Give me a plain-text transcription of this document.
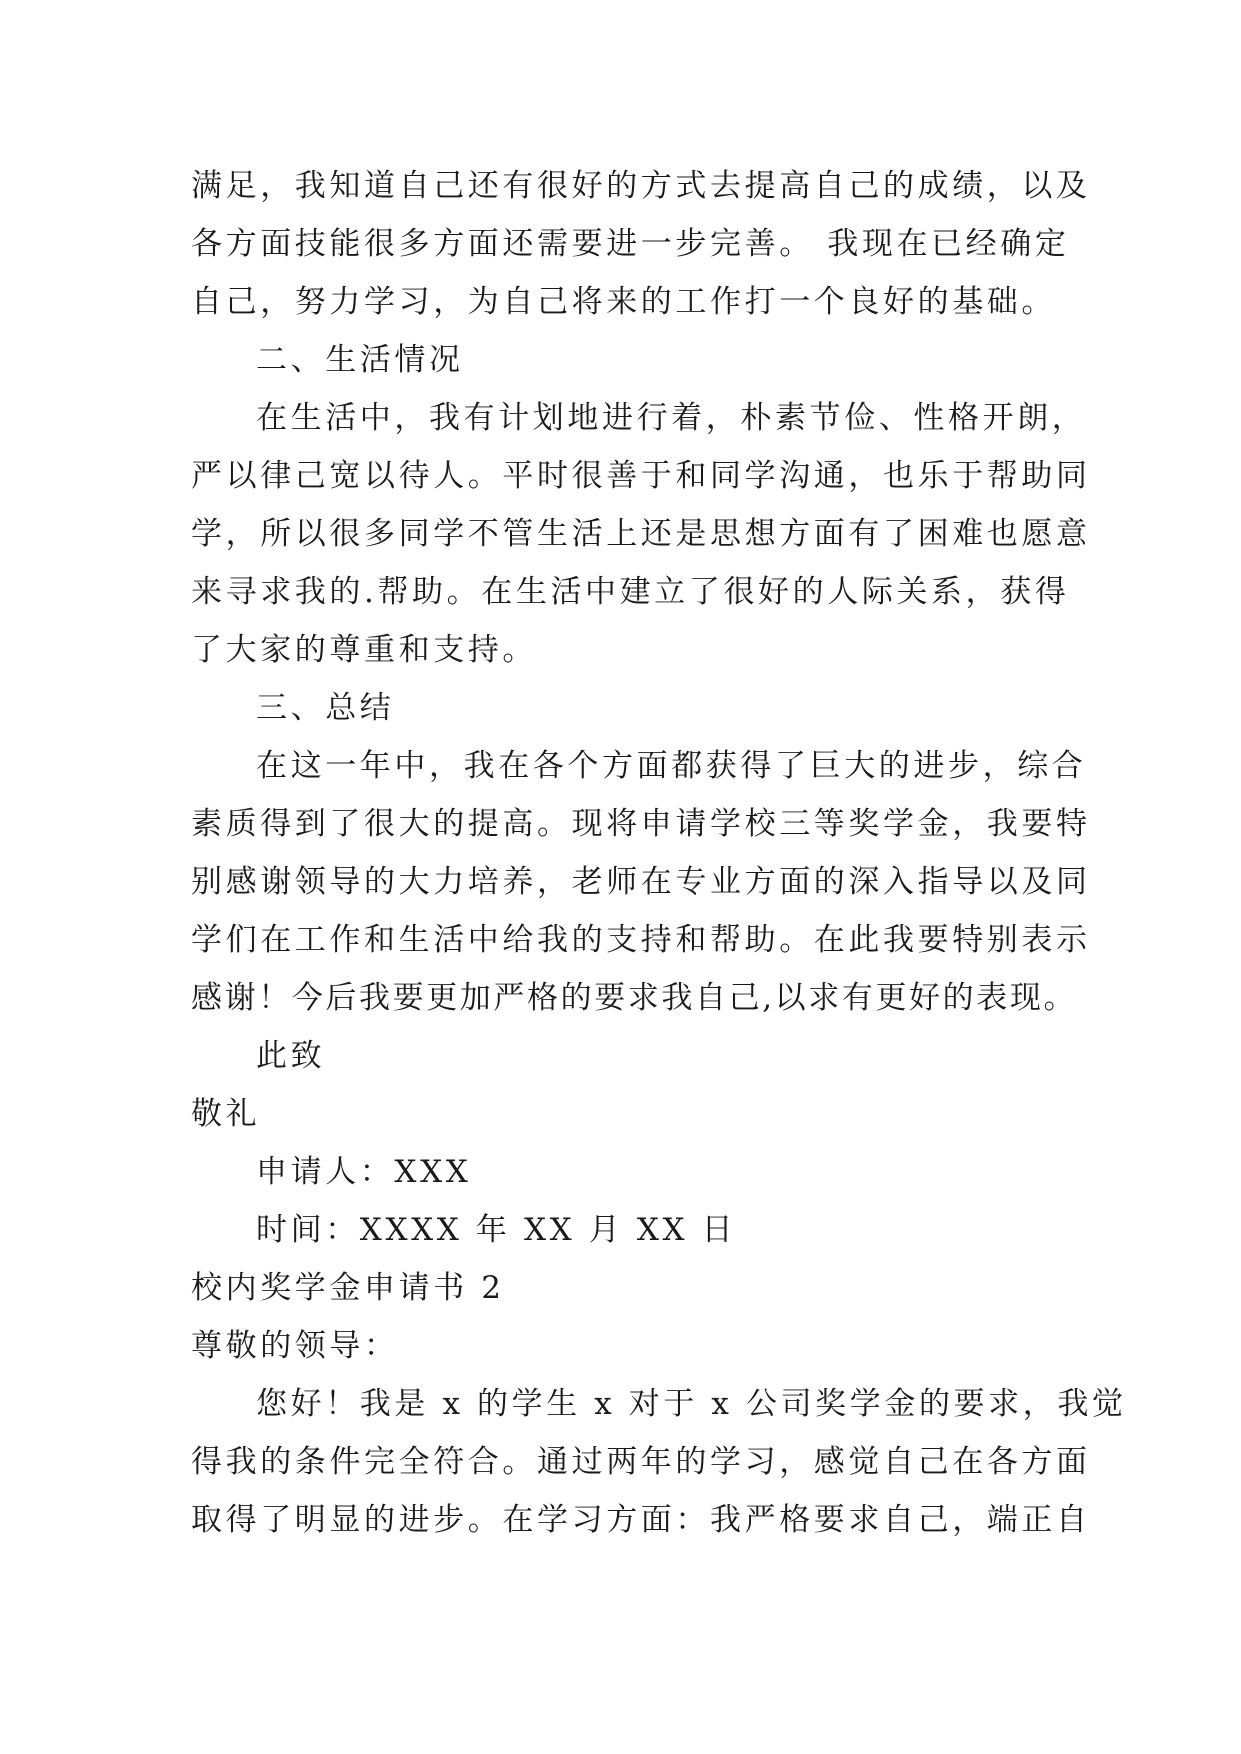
满足，我知道自己还有很好的方式去提高自己的成绩，以及
各方面技能很多方面还需要进一步完善。 我现在已经确定
自己，努力学习，为自己将来的工作打一个良好的基础。
二、生活情况
在生活中，我有计划地进行着，朴素节俭、性格开朗，
严以律己宽以待人。平时很善于和同学沟通，也乐于帮助同
学，所以很多同学不管生活上还是思想方面有了困难也愿意
来寻求我的.帮助。在生活中建立了很好的人际关系，获得
了大家的尊重和支持。
三、总结
在这一年中，我在各个方面都获得了巨大的进步，综合
素质得到了很大的提高。现将申请学校三等奖学金，我要特
别感谢领导的大力培养，老师在专业方面的深入指导以及同
学们在工作和生活中给我的支持和帮助。在此我要特别表示
感谢！今后我要更加严格的要求我自己,以求有更好的表现。
此致
敬礼
申请人：XXX
时间：XXXX 年 XX 月 XX 日
校内奖学金申请书 2
尊敬的领导：
您好！我是 x 的学生 x 对于 x 公司奖学金的要求，我觉
得我的条件完全符合。通过两年的学习，感觉自己在各方面
取得了明显的进步。在学习方面：我严格要求自己，端正自
